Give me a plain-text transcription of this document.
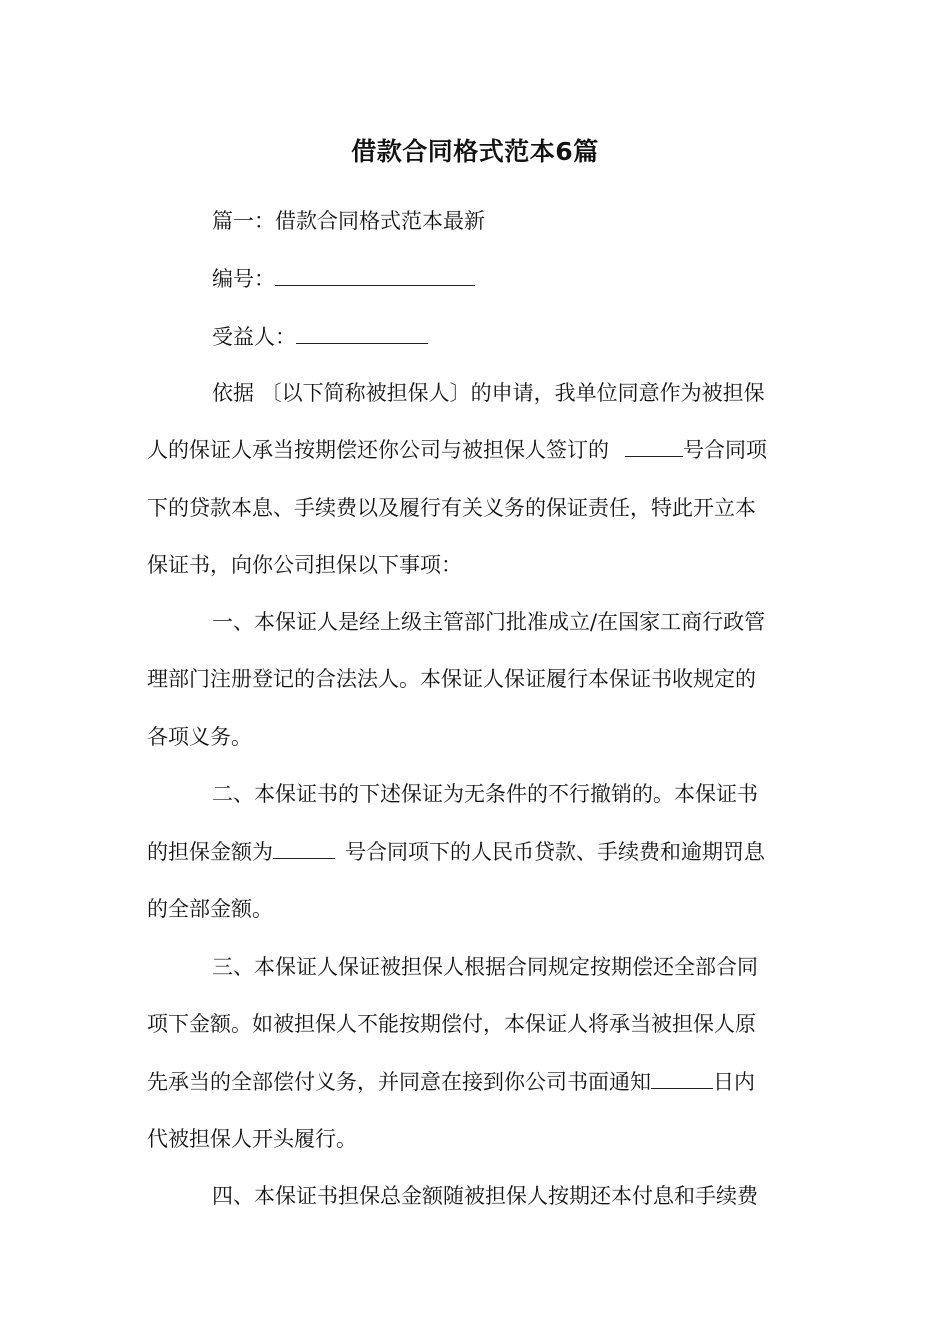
借款合同格式范本6篇
篇一：借款合同格式范本最新
编号：
受益人：
依据 〔以下简称被担保人〕的申请，我单位同意作为被担保
人的保证人承当按期偿还你公司与被担保人签订的	号合同项
下的贷款本息、手续费以及履行有关义务的保证责任，特此开立本
保证书，向你公司担保以下事项：
一、本保证人是经上级主管部门批准成立/在国家工商行政管
理部门注册登记的合法法人。本保证人保证履行本保证书收规定的
各项义务。
二、本保证书的下述保证为无条件的不行撤销的。本保证书
的担保金额为	号合同项下的人民币贷款、手续费和逾期罚息
的全部金额。
三、本保证人保证被担保人根据合同规定按期偿还全部合同
项下金额。如被担保人不能按期偿付，本保证人将承当被担保人原
先承当的全部偿付义务，并同意在接到你公司书面通知	日内
代被担保人开头履行。
四、本保证书担保总金额随被担保人按期还本付息和手续费
